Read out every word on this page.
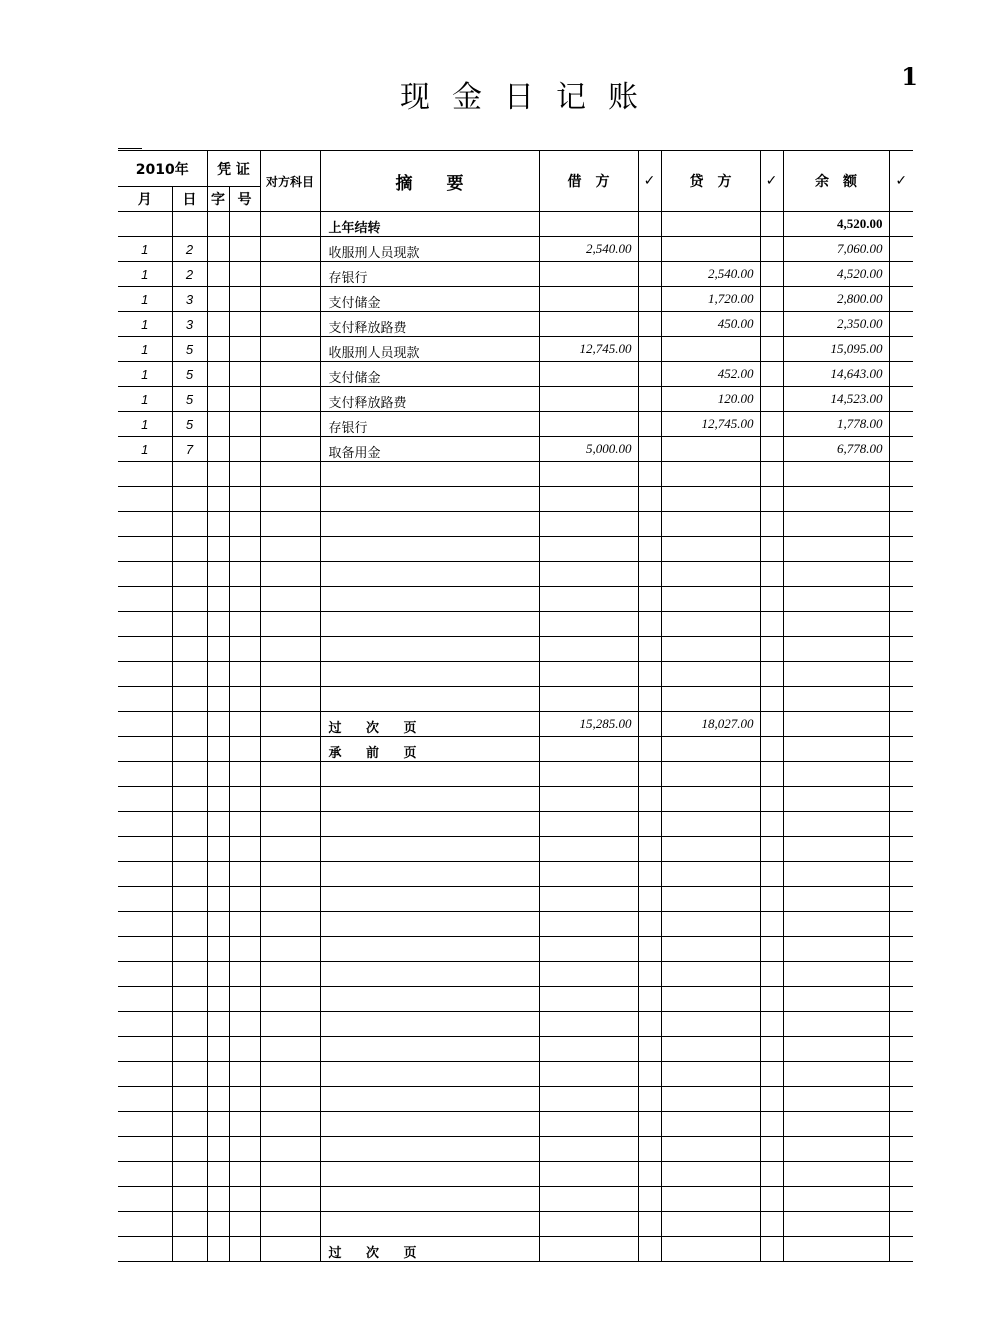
现金日记账
1
2010年		凭 证		对方科目	摘　　要	借　方	✓	贷　方	✓	余　额	✓
月	日	字	号								
					上年结转					4,520.00	
1	2				收服刑人员现款	2,540.00				7,060.00	
1	2				存银行			2,540.00		4,520.00	
1	3				支付储金			1,720.00		2,800.00	
1	3				支付释放路费			450.00		2,350.00	
1	5				收服刑人员现款	12,745.00				15,095.00	
1	5				支付储金			452.00		14,643.00	
1	5				支付释放路费			120.00		14,523.00	
1	5				存银行			12,745.00		1,778.00	
1	7				取备用金	5,000.00				6,778.00	

					过 次 页	15,285.00		18,027.00			
					承 前 页						

					过 次 页						
